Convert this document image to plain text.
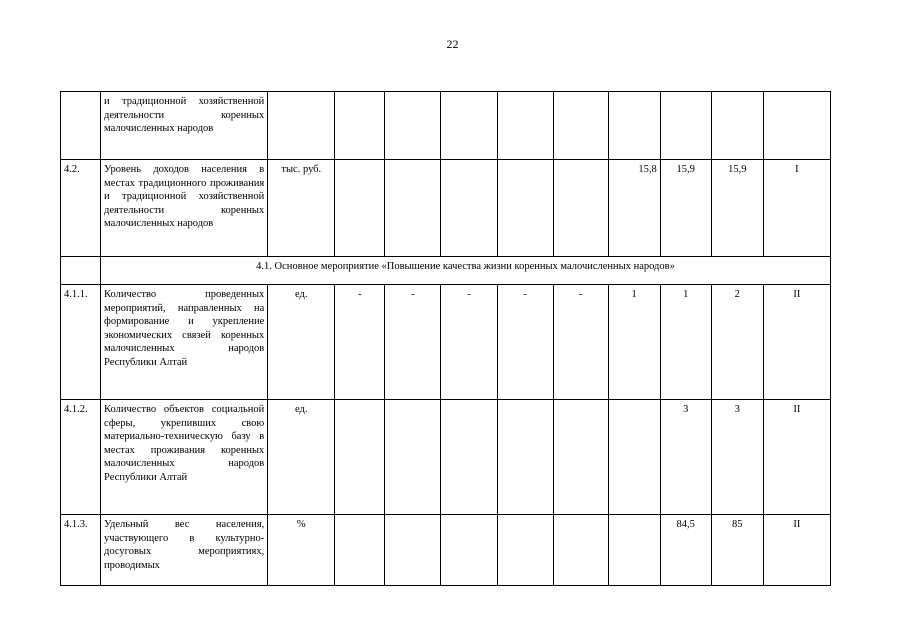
22
	и традиционной хозяйственной деятельности коренных малочисленных народов										
4.2.	Уровень доходов населения в местах традиционного проживания и традиционной хозяйственной деятельности коренных малочисленных народов	тыс. руб.						15,8	15,9	15,9	I
	4.1. Основное мероприятие «Повышение качества жизни коренных малочисленных народов»										
4.1.1.	Количество проведенных мероприятий, направленных на формирование и укрепление экономических связей коренных малочисленных народов Республики Алтай	ед.	-	-	-	-	-	1	1	2	II
4.1.2.	Количество объектов социальной сферы, укрепивших свою материально-техническую базу в местах проживания коренных малочисленных народов Республики Алтай	ед.							3	3	II
4.1.3.	Удельный вес населения, участвующего в культурно-досуговых мероприятиях, проводимых	%							84,5	85	II
